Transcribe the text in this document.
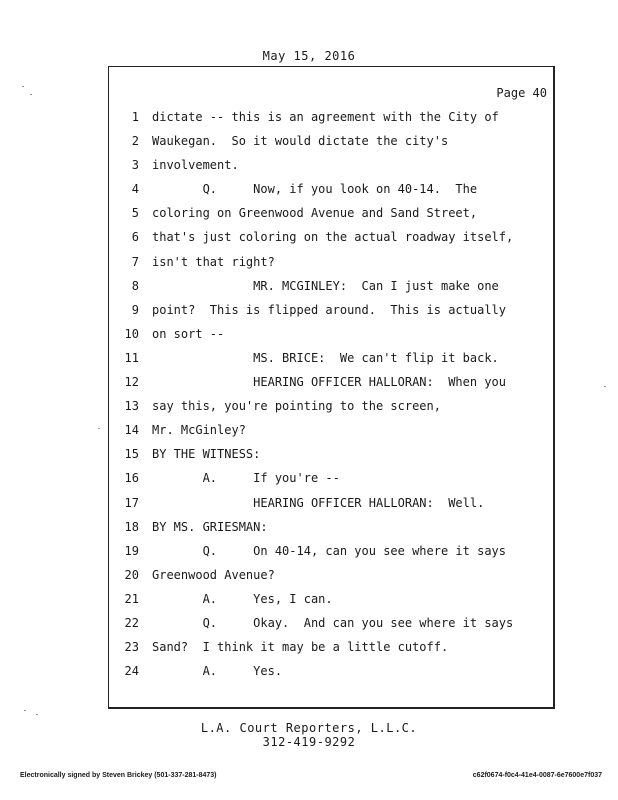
May 15, 2016
Page 40
1 dictate -- this is an agreement with the City of
2 Waukegan.  So it would dictate the city's
3 involvement.
4 Q.     Now, if you look on 40-14.  The
5 coloring on Greenwood Avenue and Sand Street,
6 that's just coloring on the actual roadway itself,
7 isn't that right?
8 MR. MCGINLEY:  Can I just make one
9 point?  This is flipped around.  This is actually
10 on sort --
11 MS. BRICE:  We can't flip it back.
12 HEARING OFFICER HALLORAN:  When you
13 say this, you're pointing to the screen,
14 Mr. McGinley?
15 BY THE WITNESS:
16 A.     If you're --
17 HEARING OFFICER HALLORAN:  Well.
18 BY MS. GRIESMAN:
19 Q.     On 40-14, can you see where it says
20 Greenwood Avenue?
21 A.     Yes, I can.
22 Q.     Okay.  And can you see where it says
23 Sand?  I think it may be a little cutoff.
24 A.     Yes.
L.A. Court Reporters, L.L.C.
312-419-9292
Electronically signed by Steven Brickey (501-337-281-8473)	c62f0674-f0c4-41e4-0087-6e7600e7f037
